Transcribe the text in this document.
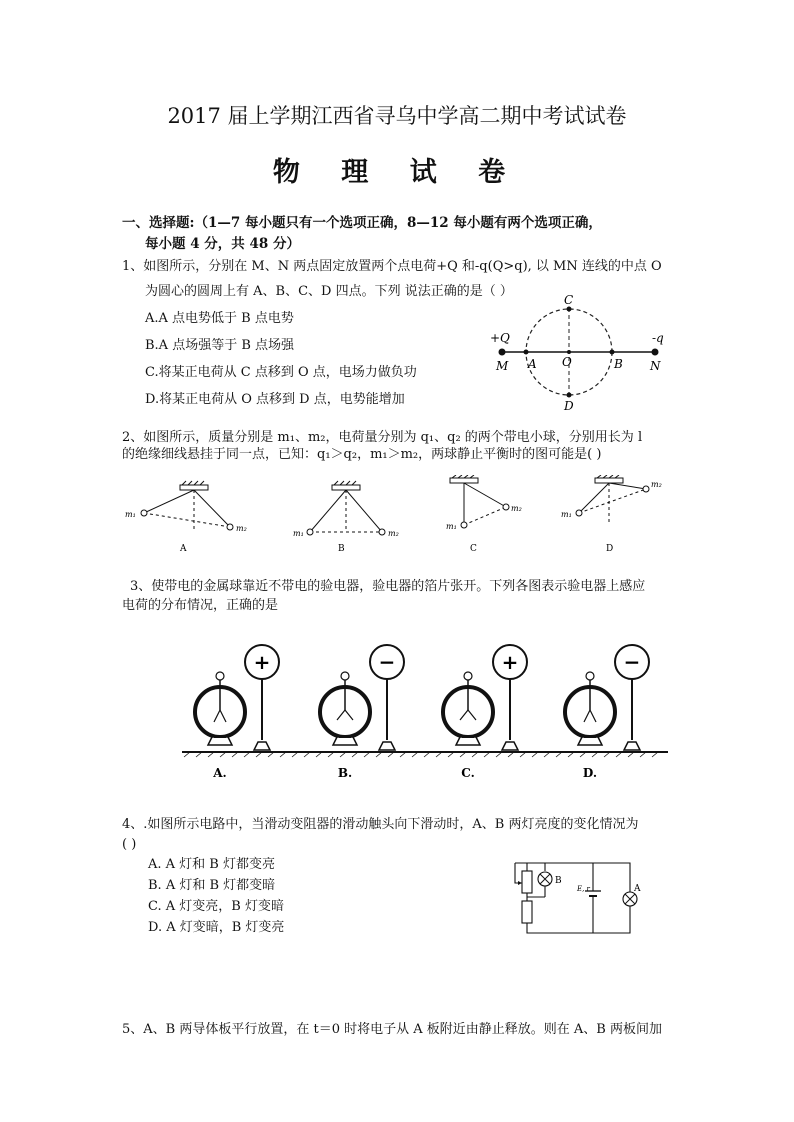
2017 届上学期江西省寻乌中学高二期中考试试卷
物 理 试 卷
一、选择题:（1—7 每小题只有一个选项正确，8—12 每小题有两个选项正确，
每小题 4 分，共 48 分）
1、如图所示，分别在 M、N 两点固定放置两个点电荷+Q 和-q(Q>q), 以 MN 连线的中点 O
为圆心的圆周上有 A、B、C、D 四点。下列 说法正确的是（ ）
A.A 点电势低于 B 点电势
B.A 点场强等于 B 点场强
C.将某正电荷从 C 点移到 O 点，电场力做负功
D.将某正电荷从 O 点移到 D 点，电势能增加
+Q	-q
M A O	B N
C
D
2、如图所示，质量分别是 m₁、m₂，电荷量分别为 q₁、q₂ 的两个带电小球，分别用长为 l
的绝缘细线悬挂于同一点，已知：q₁＞q₂，m₁＞m₂，两球静止平衡时的图可能是( )
m₁
m₂
A
m₁	m₂
B
m₁
m₂
C
m₁
m₂
D
3、使带电的金属球靠近不带电的验电器，验电器的箔片张开。下列各图表示验电器上感应
电荷的分布情况，正确的是
+
A.
−
B.
+
C.
−
D.
4、.如图所示电路中，当滑动变阻器的滑动触头向下滑动时，A、B 两灯亮度的变化情况为
( )
A. A 灯和 B 灯都变亮
B. A 灯和 B 灯都变暗
C. A 灯变亮，B 灯变暗
D. A 灯变暗，B 灯变亮
B
E, r	A
5、A、B 两导体板平行放置，在 t＝0 时将电子从 A 板附近由静止释放。则在 A、B 两板间加
